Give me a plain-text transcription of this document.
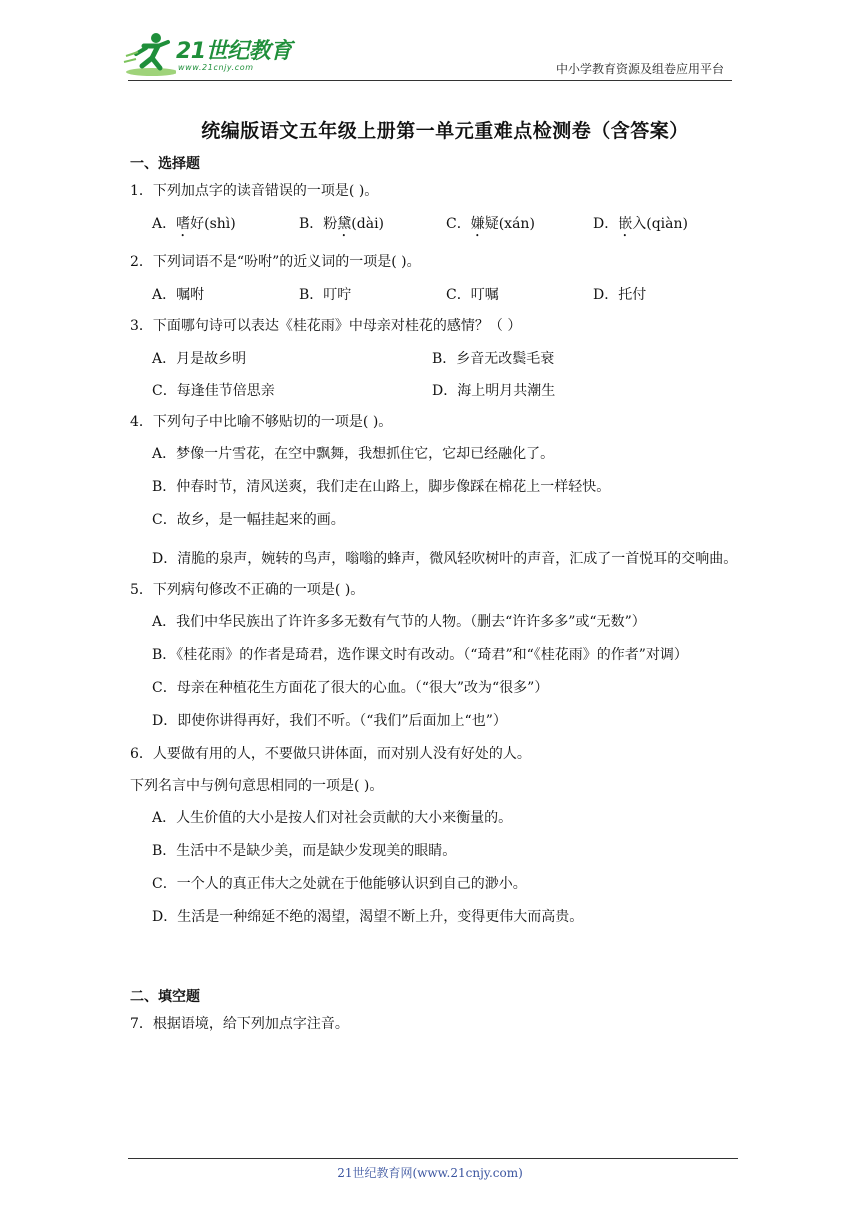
21世纪教育
www.21cnjy.com	中小学教育资源及组卷应用平台
统编版语文五年级上册第一单元重难点检测卷（含答案）
一、选择题
1．下列加点字的读音错误的一项是( )。
A．嗜好(shì)	B．粉黛(dài)	C．嫌疑(xán)	D．嵌入(qiàn)
2．下列词语不是“吩咐”的近义词的一项是( )。
A．嘱咐	B．叮咛	C．叮嘱	D．托付
3．下面哪句诗可以表达《桂花雨》中母亲对桂花的感情？（ ）
A．月是故乡明	B．乡音无改鬓毛衰
C．每逢佳节倍思亲	D．海上明月共潮生
4．下列句子中比喻不够贴切的一项是( )。
A．梦像一片雪花，在空中飘舞，我想抓住它，它却已经融化了。
B．仲春时节，清风送爽，我们走在山路上，脚步像踩在棉花上一样轻快。
C．故乡，是一幅挂起来的画。
D．清脆的泉声，婉转的鸟声，嗡嗡的蜂声，微风轻吹树叶的声音，汇成了一首悦耳的交响曲。
5．下列病句修改不正确的一项是( )。
A．我们中华民族出了许许多多无数有气节的人物。（删去“许许多多”或“无数”）
B．《桂花雨》的作者是琦君，选作课文时有改动。（“琦君”和“《桂花雨》的作者”对调）
C．母亲在种植花生方面花了很大的心血。（“很大”改为“很多”）
D．即使你讲得再好，我们不听。（“我们”后面加上“也”）
6．人要做有用的人，不要做只讲体面，而对别人没有好处的人。
下列名言中与例句意思相同的一项是( )。
A．人生价值的大小是按人们对社会贡献的大小来衡量的。
B．生活中不是缺少美，而是缺少发现美的眼睛。
C．一个人的真正伟大之处就在于他能够认识到自己的渺小。
D．生活是一种绵延不绝的渴望，渴望不断上升，变得更伟大而高贵。
二、填空题
7．根据语境，给下列加点字注音。
21世纪教育网(www.21cnjy.com)
